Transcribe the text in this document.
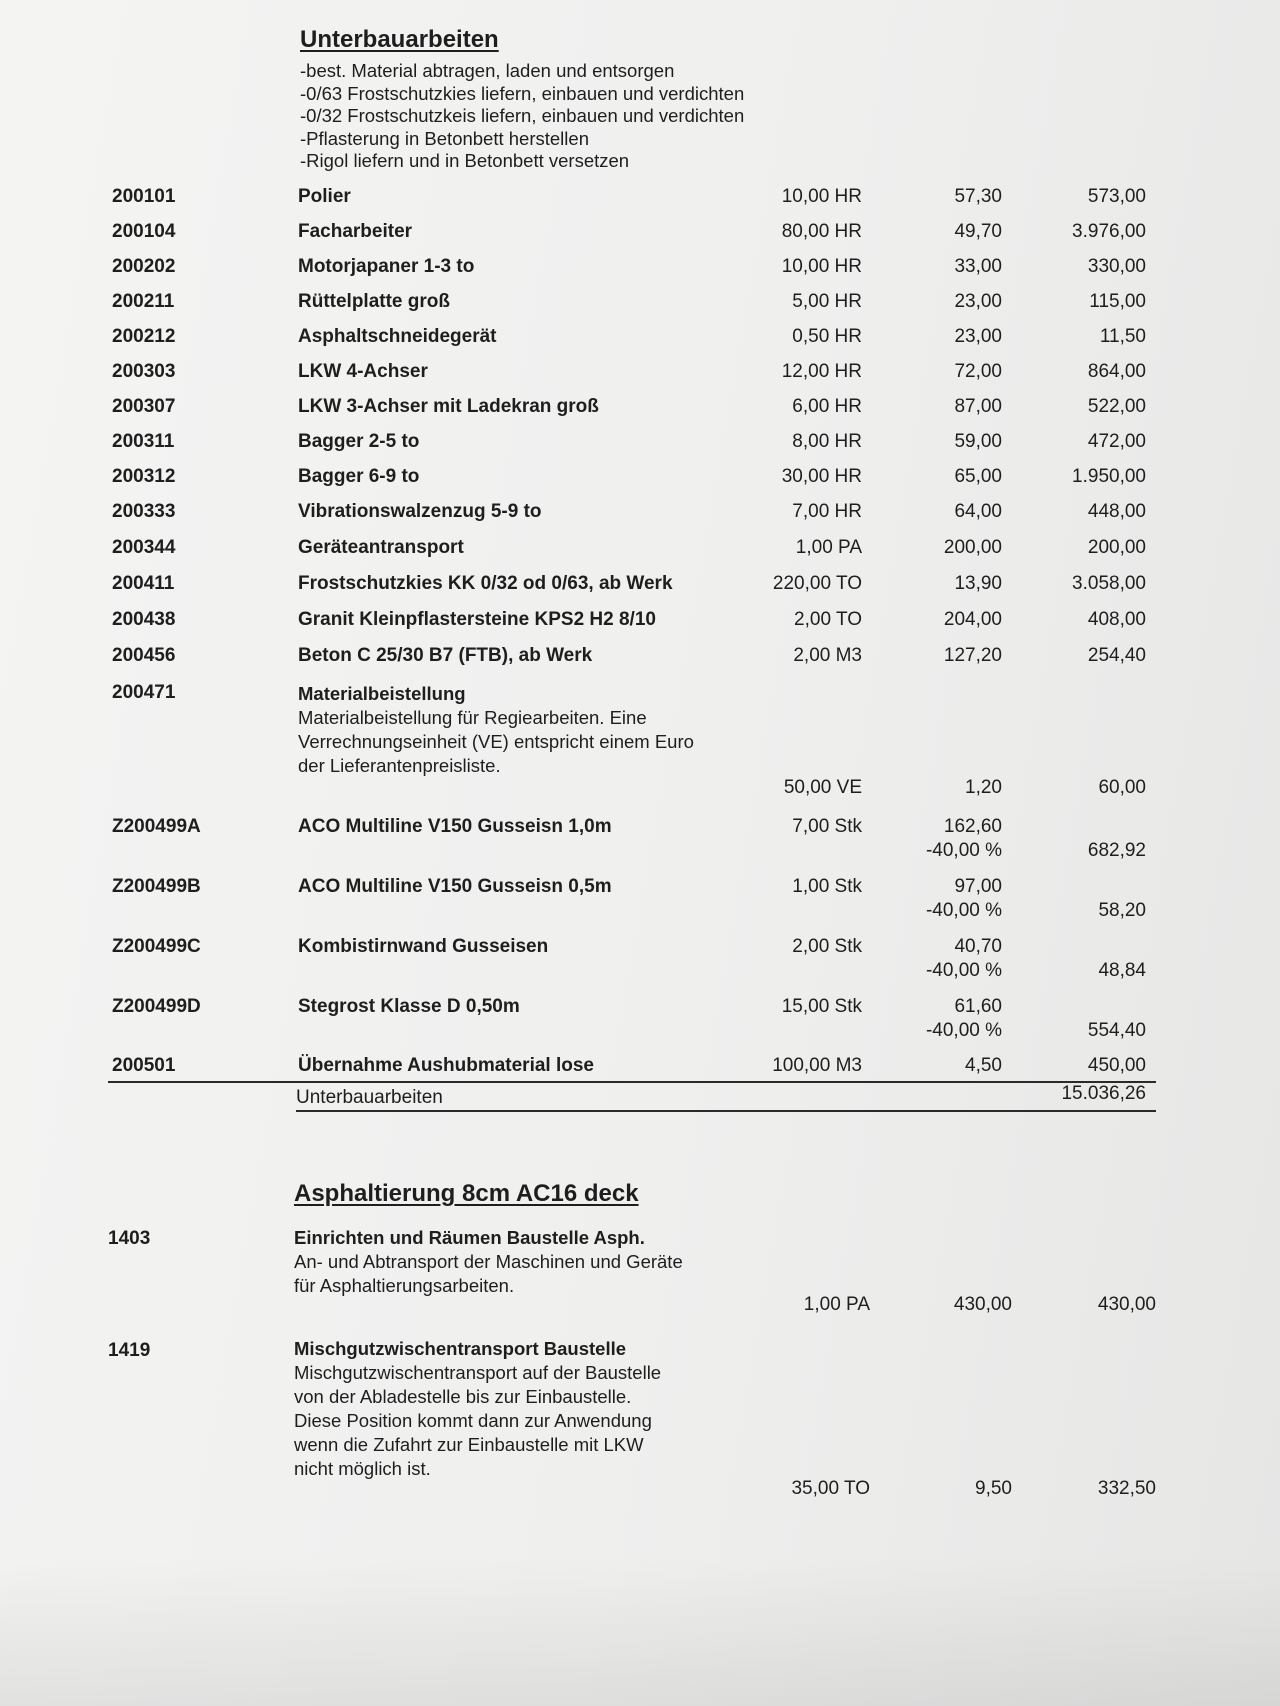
Unterbauarbeiten
-best. Material abtragen, laden und entsorgen
-0/63 Frostschutzkies liefern, einbauen und verdichten
-0/32 Frostschutzkeis liefern, einbauen und verdichten
-Pflasterung in Betonbett herstellen
-Rigol liefern und in Betonbett versetzen
200101	Polier	10,00 HR	57,30	573,00
200104	Facharbeiter	80,00 HR	49,70	3.976,00
200202	Motorjapaner 1-3 to	10,00 HR	33,00	330,00
200211	Rüttelplatte groß	5,00 HR	23,00	115,00
200212	Asphaltschneidegerät	0,50 HR	23,00	11,50
200303	LKW 4-Achser	12,00 HR	72,00	864,00
200307	LKW 3-Achser mit Ladekran groß	6,00 HR	87,00	522,00
200311	Bagger 2-5 to	8,00 HR	59,00	472,00
200312	Bagger 6-9 to	30,00 HR	65,00	1.950,00
200333	Vibrationswalzenzug 5-9 to	7,00 HR	64,00	448,00
200344	Geräteantransport	1,00 PA	200,00	200,00
200411	Frostschutzkies KK 0/32 od 0/63, ab Werk	220,00 TO	13,90	3.058,00
200438	Granit Kleinpflastersteine KPS2 H2 8/10	2,00 TO	204,00	408,00
200456	Beton C 25/30 B7 (FTB), ab Werk	2,00 M3	127,20	254,40
200471	Materialbeistellung
Materialbeistellung für Regiearbeiten. Eine
Verrechnungseinheit (VE) entspricht einem Euro
der Lieferantenpreisliste.
50,00 VE	1,20	60,00
Z200499A	ACO Multiline V150 Gusseisn 1,0m	7,00 Stk	162,60
-40,00 %	682,92
Z200499B	ACO Multiline V150 Gusseisn 0,5m	1,00 Stk	97,00
-40,00 %	58,20
Z200499C	Kombistirnwand Gusseisen	2,00 Stk	40,70
-40,00 %	48,84
Z200499D	Stegrost Klasse D 0,50m	15,00 Stk	61,60
-40,00 %	554,40
200501	Übernahme Aushubmaterial lose	100,00 M3	4,50	450,00
Unterbauarbeiten	15.036,26
Asphaltierung 8cm AC16 deck
1403	Einrichten und Räumen Baustelle Asph.
An- und Abtransport der Maschinen und Geräte
für Asphaltierungsarbeiten.
1,00 PA	430,00	430,00
1419	Mischgutzwischentransport Baustelle
Mischgutzwischentransport auf der Baustelle
von der Abladestelle bis zur Einbaustelle.
Diese Position kommt dann zur Anwendung
wenn die Zufahrt zur Einbaustelle mit LKW
nicht möglich ist.
35,00 TO	9,50	332,50
